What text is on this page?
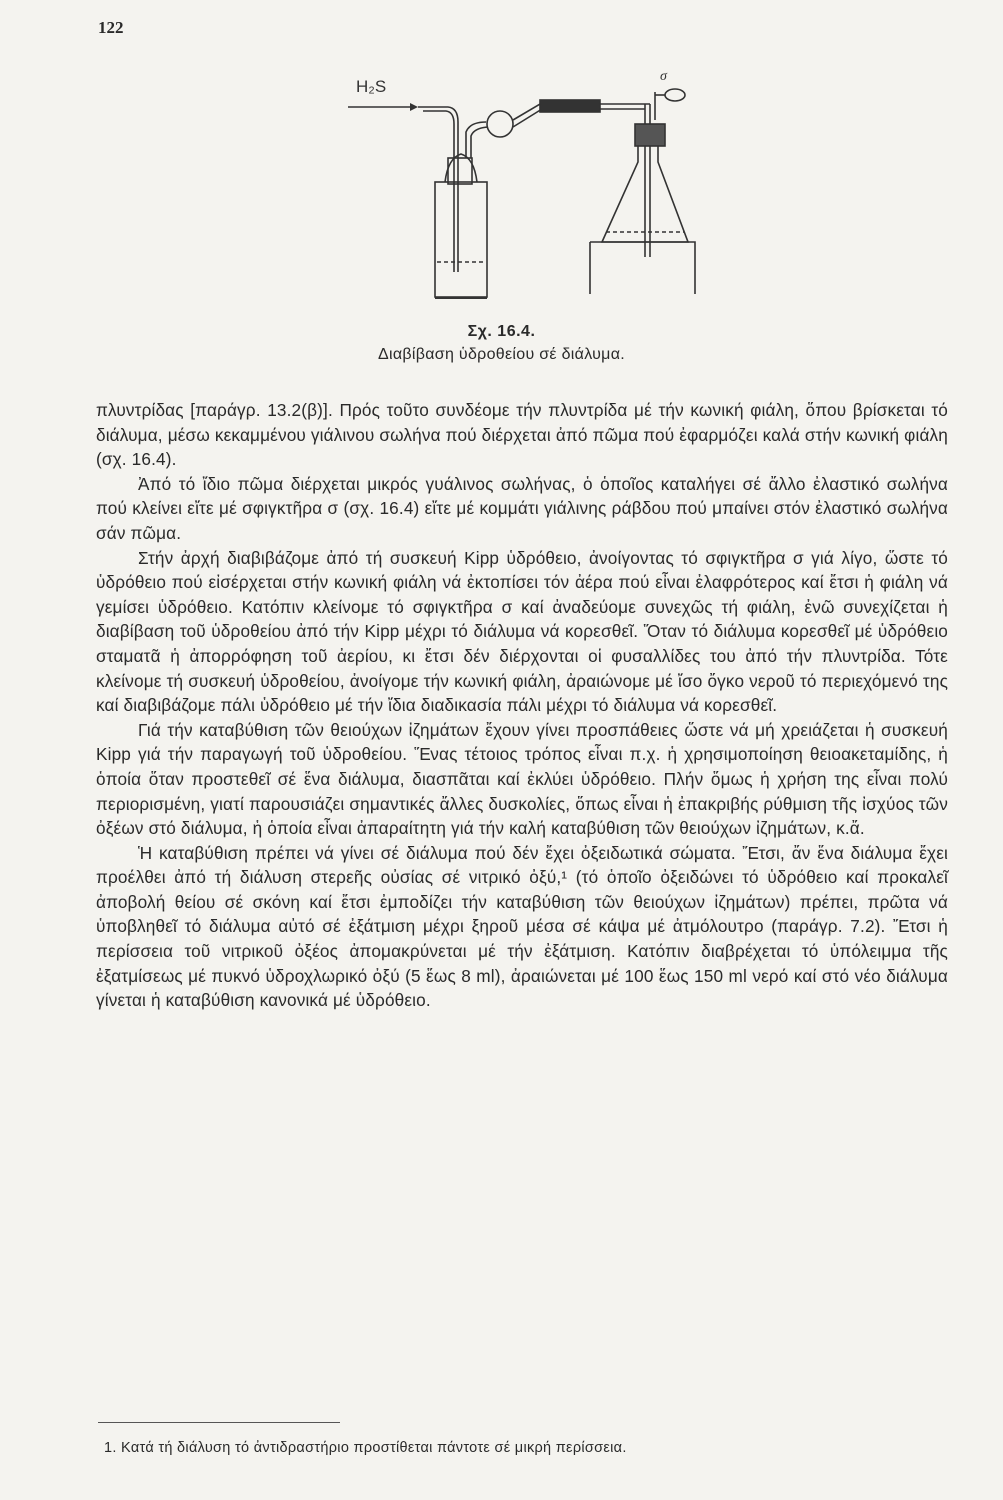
122
H₂S
σ
Σχ. 16.4.
Διαβίβαση ὑδροθείου σέ διάλυμα.

πλυντρίδας [παράγρ. 13.2(β)]. Πρός τοῦτο συνδέομε τήν πλυντρίδα μέ τήν κωνική φιάλη, ὅπου βρίσκεται τό διάλυμα, μέσω κεκαμμένου γιάλινου σωλήνα πού διέρχεται ἀπό πῶμα πού ἐφαρμόζει καλά στήν κωνική φιάλη (σχ. 16.4).

Ἀπό τό ἴδιο πῶμα διέρχεται μικρός γυάλινος σωλήνας, ὁ ὁποῖος καταλήγει σέ ἄλλο ἐλαστικό σωλήνα πού κλείνει εἴτε μέ σφιγκτῆρα σ (σχ. 16.4) εἴτε μέ κομμάτι γιάλινης ράβδου πού μπαίνει στόν ἐλαστικό σωλήνα σάν πῶμα.

Στήν ἀρχή διαβιβάζομε ἀπό τή συσκευή Kipp ὑδρόθειο, ἀνοίγοντας τό σφιγκτῆρα σ γιά λίγο, ὥστε τό ὑδρόθειο πού εἰσέρχεται στήν κωνική φιάλη νά ἐκτοπίσει τόν ἀέρα πού εἶναι ἐλαφρότερος καί ἔτσι ἡ φιάλη νά γεμίσει ὑδρόθειο. Κατόπιν κλείνομε τό σφιγκτῆρα σ καί ἀναδεύομε συνεχῶς τή φιάλη, ἐνῶ συνεχίζεται ἡ διαβίβαση τοῦ ὑδροθείου ἀπό τήν Kipp μέχρι τό διάλυμα νά κορεσθεῖ. Ὅταν τό διάλυμα κορεσθεῖ μέ ὑδρόθειο σταματᾶ ἡ ἀπορρόφηση τοῦ ἀερίου, κι ἔτσι δέν διέρχονται οἱ φυσαλλίδες του ἀπό τήν πλυντρίδα. Τότε κλείνομε τή συσκευή ὑδροθείου, ἀνοίγομε τήν κωνική φιάλη, ἀραιώνομε μέ ἴσο ὄγκο νεροῦ τό περιεχόμενό της καί διαβιβάζομε πάλι ὑδρόθειο μέ τήν ἴδια διαδικασία πάλι μέχρι τό διάλυμα νά κορεσθεῖ.

Γιά τήν καταβύθιση τῶν θειούχων ἰζημάτων ἔχουν γίνει προσπάθειες ὥστε νά μή χρειάζεται ἡ συσκευή Kipp γιά τήν παραγωγή τοῦ ὑδροθείου. Ἕνας τέτοιος τρόπος εἶναι π.χ. ἡ χρησιμοποίηση θειοακεταμίδης, ἡ ὁποία ὅταν προστεθεῖ σέ ἕνα διάλυμα, διασπᾶται καί ἐκλύει ὑδρόθειο. Πλήν ὅμως ἡ χρήση της εἶναι πολύ περιορισμένη, γιατί παρουσιάζει σημαντικές ἄλλες δυσκολίες, ὅπως εἶναι ἡ ἐπακριβής ρύθμιση τῆς ἰσχύος τῶν ὀξέων στό διάλυμα, ἡ ὁποία εἶναι ἀπαραίτητη γιά τήν καλή καταβύθιση τῶν θειούχων ἰζημάτων, κ.ἄ.

Ἡ καταβύθιση πρέπει νά γίνει σέ διάλυμα πού δέν ἔχει ὀξειδωτικά σώματα. Ἔτσι, ἄν ἕνα διάλυμα ἔχει προέλθει ἀπό τή διάλυση στερεῆς οὐσίας σέ νιτρικό ὀξύ,¹ (τό ὁποῖο ὀξειδώνει τό ὑδρόθειο καί προκαλεῖ ἀποβολή θείου σέ σκόνη καί ἔτσι ἐμποδίζει τήν καταβύθιση τῶν θειούχων ἰζημάτων) πρέπει, πρῶτα νά ὑποβληθεῖ τό διάλυμα αὐτό σέ ἐξάτμιση μέχρι ξηροῦ μέσα σέ κάψα μέ ἀτμόλουτρο (παράγρ. 7.2). Ἔτσι ἡ περίσσεια τοῦ νιτρικοῦ ὀξέος ἀπομακρύνεται μέ τήν ἐξάτμιση. Κατόπιν διαβρέχεται τό ὑπόλειμμα τῆς ἐξατμίσεως μέ πυκνό ὑδροχλωρικό ὀξύ (5 ἕως 8 ml), ἀραιώνεται μέ 100 ἕως 150 ml νερό καί στό νέο διάλυμα γίνεται ἡ καταβύθιση κανονικά μέ ὑδρόθειο.

1. Κατά τή διάλυση τό ἀντιδραστήριο προστίθεται πάντοτε σέ μικρή περίσσεια.
